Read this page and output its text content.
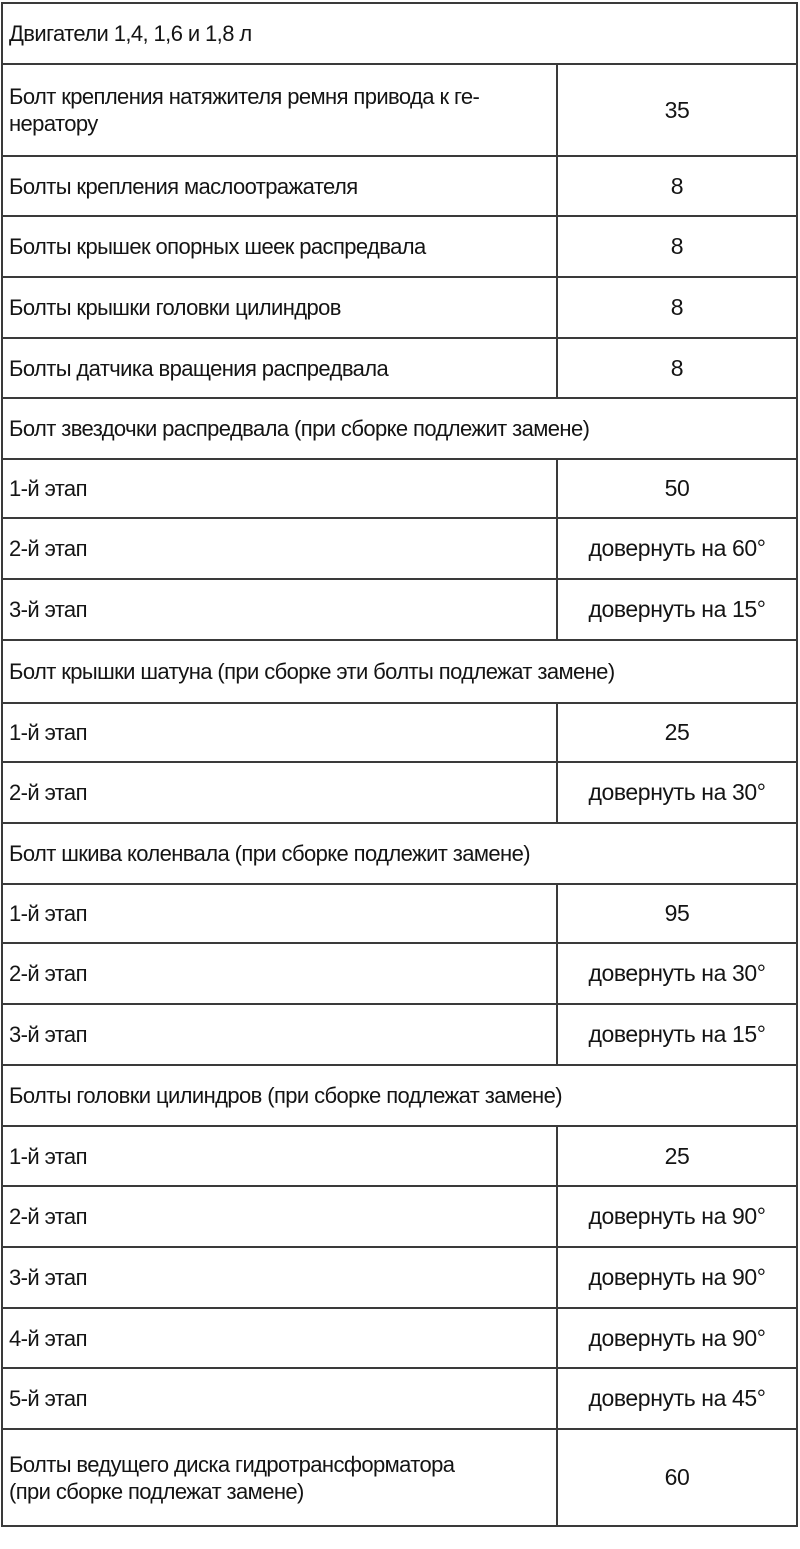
Двигатели 1,4, 1,6 и 1,8 л	
Болт крепления натяжителя ремня привода к ге-
нератору	35
Болты крепления маслоотражателя	8
Болты крышек опорных шеек распредвала	8
Болты крышки головки цилиндров	8
Болты датчика вращения распредвала	8
Болт звездочки распредвала (при сборке подлежит замене)	
1-й этап	50
2-й этап	довернуть на 60°
3-й этап	довернуть на 15°
Болт крышки шатуна (при сборке эти болты подлежат замене)	
1-й этап	25
2-й этап	довернуть на 30°
Болт шкива коленвала (при сборке подлежит замене)	
1-й этап	95
2-й этап	довернуть на 30°
3-й этап	довернуть на 15°
Болты головки цилиндров (при сборке подлежат замене)	
1-й этап	25
2-й этап	довернуть на 90°
3-й этап	довернуть на 90°
4-й этап	довернуть на 90°
5-й этап	довернуть на 45°
Болты ведущего диска гидротрансформатора
(при сборке подлежат замене)	60
